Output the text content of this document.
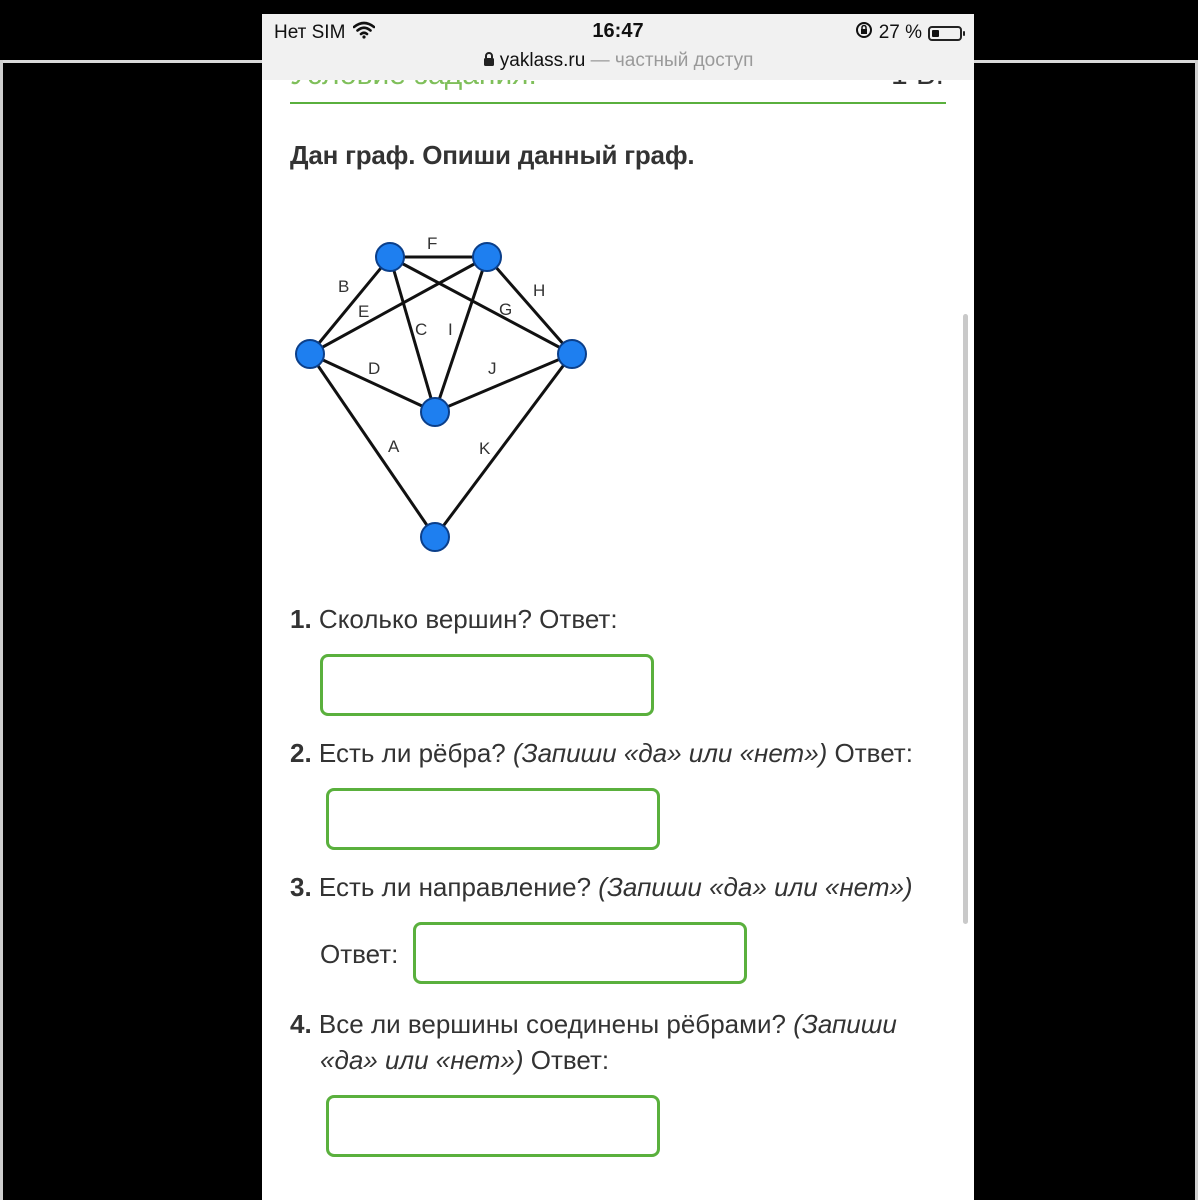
Нет SIM	16:47	27 %
yaklass.ru — частный доступ
Дан граф. Опиши данный граф.
A
B
C
D
E
F
G
H
I
J
K
1. Сколько вершин? Ответ:
2. Есть ли рёбра? (Запиши «да» или «нет») Ответ:
3. Есть ли направление? (Запиши «да» или «нет»)
Ответ:
4. Все ли вершины соединены рёбрами? (Запиши
«да» или «нет») Ответ:
